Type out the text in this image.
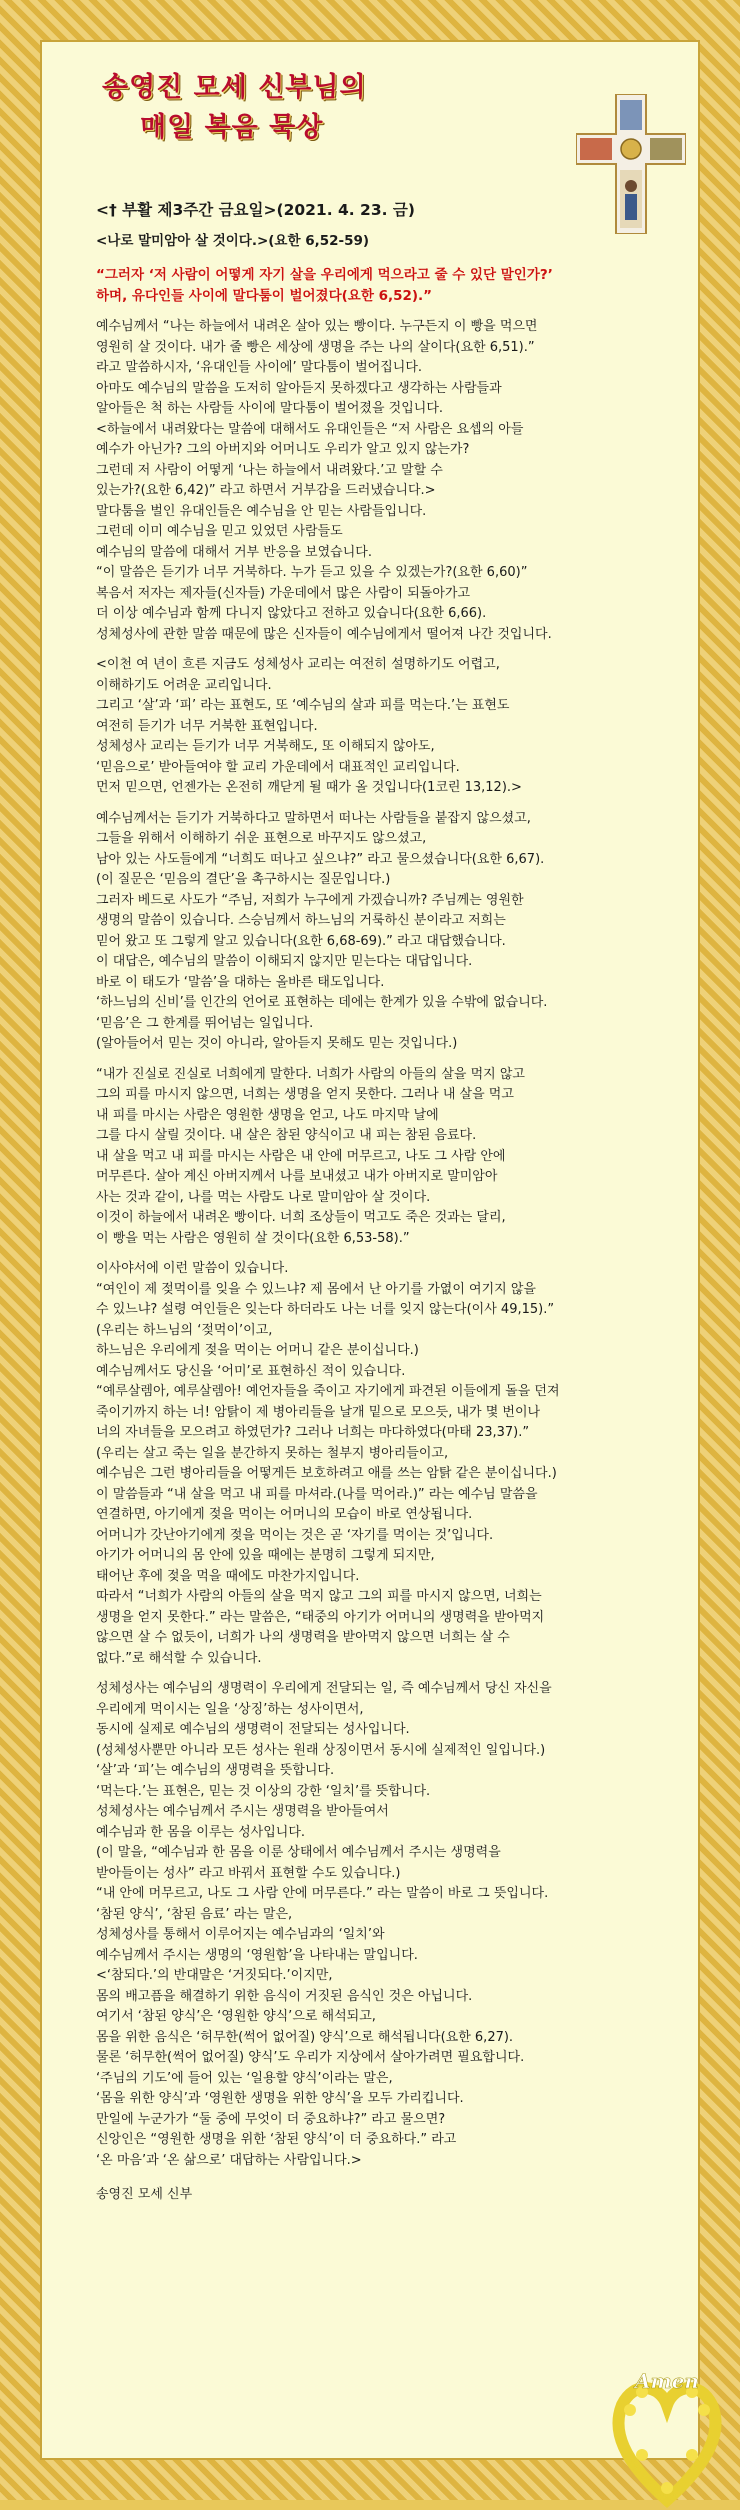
송영진 모세 신부님의
매일 복음 묵상
<† 부활 제3주간 금요일>(2021. 4. 23. 금)
<나로 말미암아 살 것이다.>(요한 6,52-59)
“그러자 ‘저 사람이 어떻게 자기 살을 우리에게 먹으라고 줄 수 있단 말인가?’
하며, 유다인들 사이에 말다툼이 벌어졌다(요한 6,52).”
예수님께서 “나는 하늘에서 내려온 살아 있는 빵이다. 누구든지 이 빵을 먹으면
영원히 살 것이다. 내가 줄 빵은 세상에 생명을 주는 나의 살이다(요한 6,51).”
라고 말씀하시자, ‘유대인들 사이에’ 말다툼이 벌어집니다.
아마도 예수님의 말씀을 도저히 알아듣지 못하겠다고 생각하는 사람들과
알아들은 척 하는 사람들 사이에 말다툼이 벌어졌을 것입니다.
<하늘에서 내려왔다는 말씀에 대해서도 유대인들은 “저 사람은 요셉의 아들
예수가 아닌가? 그의 아버지와 어머니도 우리가 알고 있지 않는가?
그런데 저 사람이 어떻게 ‘나는 하늘에서 내려왔다.’고 말할 수
있는가?(요한 6,42)” 라고 하면서 거부감을 드러냈습니다.>
말다툼을 벌인 유대인들은 예수님을 안 믿는 사람들입니다.
그런데 이미 예수님을 믿고 있었던 사람들도
예수님의 말씀에 대해서 거부 반응을 보였습니다.
“이 말씀은 듣기가 너무 거북하다. 누가 듣고 있을 수 있겠는가?(요한 6,60)”
복음서 저자는 제자들(신자들) 가운데에서 많은 사람이 되돌아가고
더 이상 예수님과 함께 다니지 않았다고 전하고 있습니다(요한 6,66).
성체성사에 관한 말씀 때문에 많은 신자들이 예수님에게서 떨어져 나간 것입니다.
<이천 여 년이 흐른 지금도 성체성사 교리는 여전히 설명하기도 어렵고,
이해하기도 어려운 교리입니다.
그리고 ‘살’과 ‘피’ 라는 표현도, 또 ‘예수님의 살과 피를 먹는다.’는 표현도
여전히 듣기가 너무 거북한 표현입니다.
성체성사 교리는 듣기가 너무 거북해도, 또 이해되지 않아도,
‘믿음으로’ 받아들여야 할 교리 가운데에서 대표적인 교리입니다.
먼저 믿으면, 언젠가는 온전히 깨닫게 될 때가 올 것입니다(1코린 13,12).>
예수님께서는 듣기가 거북하다고 말하면서 떠나는 사람들을 붙잡지 않으셨고,
그들을 위해서 이해하기 쉬운 표현으로 바꾸지도 않으셨고,
남아 있는 사도들에게 “너희도 떠나고 싶으냐?” 라고 물으셨습니다(요한 6,67).
(이 질문은 ‘믿음의 결단’을 촉구하시는 질문입니다.)
그러자 베드로 사도가 “주님, 저희가 누구에게 가겠습니까? 주님께는 영원한
생명의 말씀이 있습니다. 스승님께서 하느님의 거룩하신 분이라고 저희는
믿어 왔고 또 그렇게 알고 있습니다(요한 6,68-69).” 라고 대답했습니다.
이 대답은, 예수님의 말씀이 이해되지 않지만 믿는다는 대답입니다.
바로 이 태도가 ‘말씀’을 대하는 올바른 태도입니다.
‘하느님의 신비’를 인간의 언어로 표현하는 데에는 한계가 있을 수밖에 없습니다.
‘믿음’은 그 한계를 뛰어넘는 일입니다.
(알아들어서 믿는 것이 아니라, 알아듣지 못해도 믿는 것입니다.)
“내가 진실로 진실로 너희에게 말한다. 너희가 사람의 아들의 살을 먹지 않고
그의 피를 마시지 않으면, 너희는 생명을 얻지 못한다. 그러나 내 살을 먹고
내 피를 마시는 사람은 영원한 생명을 얻고, 나도 마지막 날에
그를 다시 살릴 것이다. 내 살은 참된 양식이고 내 피는 참된 음료다.
내 살을 먹고 내 피를 마시는 사람은 내 안에 머무르고, 나도 그 사람 안에
머무른다. 살아 계신 아버지께서 나를 보내셨고 내가 아버지로 말미암아
사는 것과 같이, 나를 먹는 사람도 나로 말미암아 살 것이다.
이것이 하늘에서 내려온 빵이다. 너희 조상들이 먹고도 죽은 것과는 달리,
이 빵을 먹는 사람은 영원히 살 것이다(요한 6,53-58).”
이사야서에 이런 말씀이 있습니다.
“여인이 제 젖먹이를 잊을 수 있느냐? 제 몸에서 난 아기를 가엾이 여기지 않을
수 있느냐? 설령 여인들은 잊는다 하더라도 나는 너를 잊지 않는다(이사 49,15).”
(우리는 하느님의 ‘젖먹이’이고,
하느님은 우리에게 젖을 먹이는 어머니 같은 분이십니다.)
예수님께서도 당신을 ‘어미’로 표현하신 적이 있습니다.
“예루살렘아, 예루살렘아! 예언자들을 죽이고 자기에게 파견된 이들에게 돌을 던져
죽이기까지 하는 너! 암탉이 제 병아리들을 날개 밑으로 모으듯, 내가 몇 번이나
너의 자녀들을 모으려고 하였던가? 그러나 너희는 마다하였다(마태 23,37).”
(우리는 살고 죽는 일을 분간하지 못하는 철부지 병아리들이고,
예수님은 그런 병아리들을 어떻게든 보호하려고 애를 쓰는 암탉 같은 분이십니다.)
이 말씀들과 “내 살을 먹고 내 피를 마셔라.(나를 먹어라.)” 라는 예수님 말씀을
연결하면, 아기에게 젖을 먹이는 어머니의 모습이 바로 연상됩니다.
어머니가 갓난아기에게 젖을 먹이는 것은 곧 ‘자기를 먹이는 것’입니다.
아기가 어머니의 몸 안에 있을 때에는 분명히 그렇게 되지만,
태어난 후에 젖을 먹을 때에도 마찬가지입니다.
따라서 “너희가 사람의 아들의 살을 먹지 않고 그의 피를 마시지 않으면, 너희는
생명을 얻지 못한다.” 라는 말씀은, “태중의 아기가 어머니의 생명력을 받아먹지
않으면 살 수 없듯이, 너희가 나의 생명력을 받아먹지 않으면 너희는 살 수
없다.”로 해석할 수 있습니다.
성체성사는 예수님의 생명력이 우리에게 전달되는 일, 즉 예수님께서 당신 자신을
우리에게 먹이시는 일을 ‘상징’하는 성사이면서,
동시에 실제로 예수님의 생명력이 전달되는 성사입니다.
(성체성사뿐만 아니라 모든 성사는 원래 상징이면서 동시에 실제적인 일입니다.)
‘살’과 ‘피’는 예수님의 생명력을 뜻합니다.
‘먹는다.’는 표현은, 믿는 것 이상의 강한 ‘일치’를 뜻합니다.
성체성사는 예수님께서 주시는 생명력을 받아들여서
예수님과 한 몸을 이루는 성사입니다.
(이 말을, “예수님과 한 몸을 이룬 상태에서 예수님께서 주시는 생명력을
받아들이는 성사” 라고 바꿔서 표현할 수도 있습니다.)
“내 안에 머무르고, 나도 그 사람 안에 머무른다.” 라는 말씀이 바로 그 뜻입니다.
‘참된 양식’, ‘참된 음료’ 라는 말은,
성체성사를 통해서 이루어지는 예수님과의 ‘일치’와
예수님께서 주시는 생명의 ‘영원함’을 나타내는 말입니다.
<‘참되다.’의 반대말은 ‘거짓되다.’이지만,
몸의 배고픔을 해결하기 위한 음식이 거짓된 음식인 것은 아닙니다.
여기서 ‘참된 양식’은 ‘영원한 양식’으로 해석되고,
몸을 위한 음식은 ‘허무한(썩어 없어질) 양식’으로 해석됩니다(요한 6,27).
물론 ‘허무한(썩어 없어질) 양식’도 우리가 지상에서 살아가려면 필요합니다.
‘주님의 기도’에 들어 있는 ‘일용할 양식’이라는 말은,
‘몸을 위한 양식’과 ‘영원한 생명을 위한 양식’을 모두 가리킵니다.
만일에 누군가가 “둘 중에 무엇이 더 중요하냐?” 라고 물으면?
신앙인은 “영원한 생명을 위한 ‘참된 양식’이 더 중요하다.” 라고
‘온 마음’과 ‘온 삶으로’ 대답하는 사람입니다.>
송영진 모세 신부
Amen
